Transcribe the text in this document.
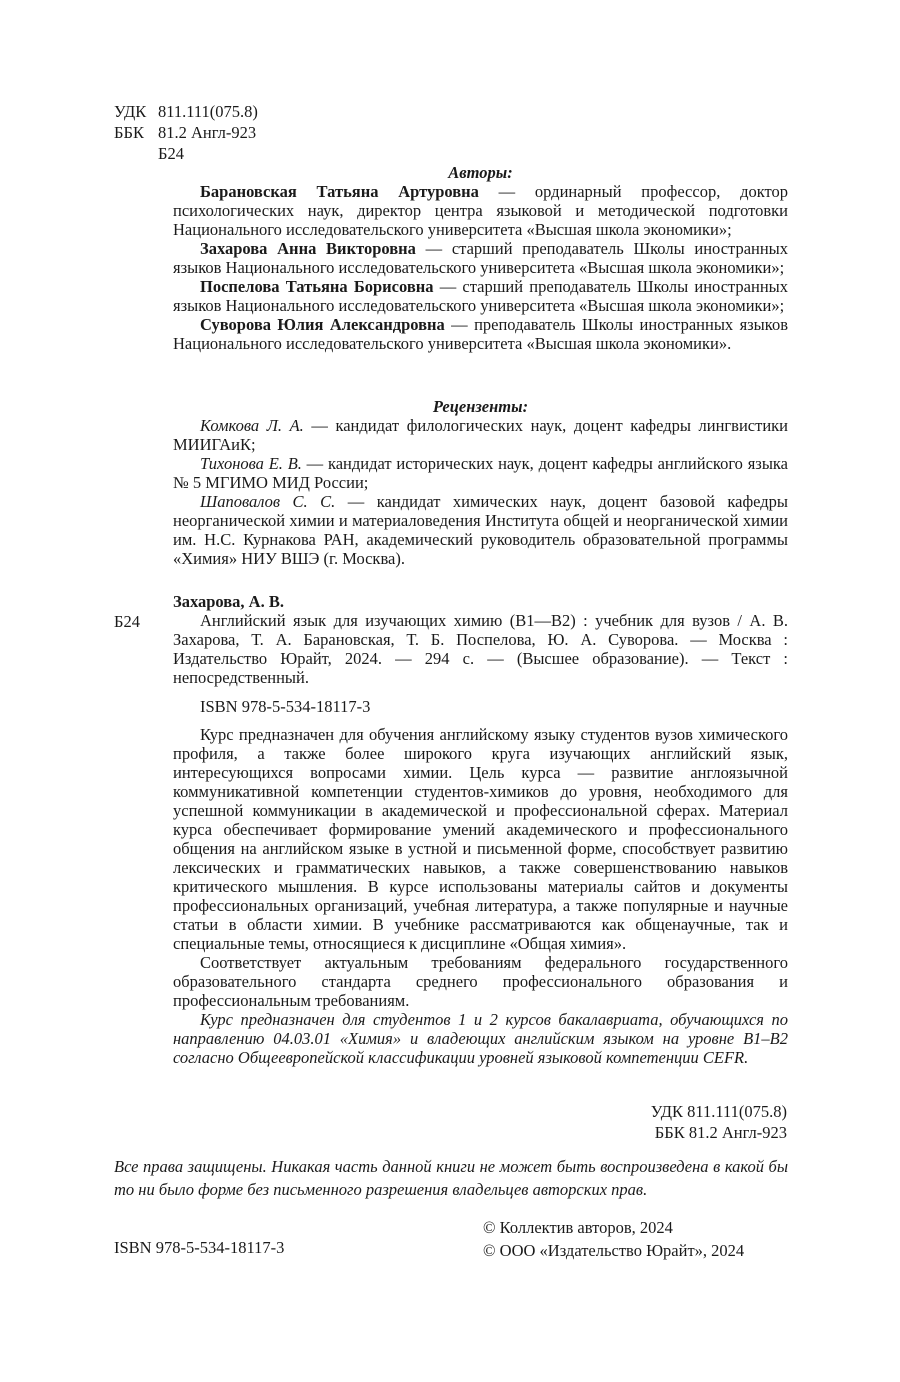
УДК 811.111(075.8)
ББК 81.2 Англ-923
Б24
Авторы:

Барановская Татьяна Артуровна — ординарный профессор, доктор психологических наук, директор центра языковой и методической подготовки Национального исследовательского университета «Высшая школа экономики»;

Захарова Анна Викторовна — старший преподаватель Школы иностранных языков Национального исследовательского университета «Высшая школа экономики»;

Поспелова Татьяна Борисовна — старший преподаватель Школы иностранных языков Национального исследовательского университета «Высшая школа экономики»;

Суворова Юлия Александровна — преподаватель Школы иностранных языков Национального исследовательского университета «Высшая школа экономики».

Рецензенты:

Комкова Л. А. — кандидат филологических наук, доцент кафедры лингвистики МИИГАиК;

Тихонова Е. В. — кандидат исторических наук, доцент кафедры английского языка № 5 МГИМО МИД России;

Шаповалов С. С. — кандидат химических наук, доцент базовой кафедры неорганической химии и материаловедения Института общей и неорганической химии им. Н.С. Курнакова РАН, академический руководитель образовательной программы «Химия» НИУ ВШЭ (г. Москва).

Б24

Захарова, А. В.

Английский язык для изучающих химию (B1—B2) : учебник для вузов / А. В. Захарова, Т. А. Барановская, Т. Б. Поспелова, Ю. А. Суворова. — Москва : Издательство Юрайт, 2024. — 294 с. — (Высшее образование). — Текст : непосредственный.

ISBN 978-5-534-18117-3

Курс предназначен для обучения английскому языку студентов вузов химического профиля, а также более широкого круга изучающих английский язык, интересующихся вопросами химии. Цель курса — развитие англоязычной коммуникативной компетенции студентов-химиков до уровня, необходимого для успешной коммуникации в академической и профессиональной сферах. Материал курса обеспечивает формирование умений академического и профессионального общения на английском языке в устной и письменной форме, способствует развитию лексических и грамматических навыков, а также совершенствованию навыков критического мышления. В курсе использованы материалы сайтов и документы профессиональных организаций, учебная литература, а также популярные и научные статьи в области химии. В учебнике рассматриваются как общенаучные, так и специальные темы, относящиеся к дисциплине «Общая химия».

Соответствует актуальным требованиям федерального государственного образовательного стандарта среднего профессионального образования и профессиональным требованиям.

Курс предназначен для студентов 1 и 2 курсов бакалавриата, обучающихся по направлению 04.03.01 «Химия» и владеющих английским языком на уровне B1–B2 согласно Общеевропейской классификации уровней языковой компетенции CEFR.

УДК 811.111(075.8)
ББК 81.2 Англ-923
Все права защищены. Никакая часть данной книги не может быть воспроизведена в какой бы то ни было форме без письменного разрешения владельцев авторских прав.
ISBN 978-5-534-18117-3
© Коллектив авторов, 2024
© ООО «Издательство Юрайт», 2024
